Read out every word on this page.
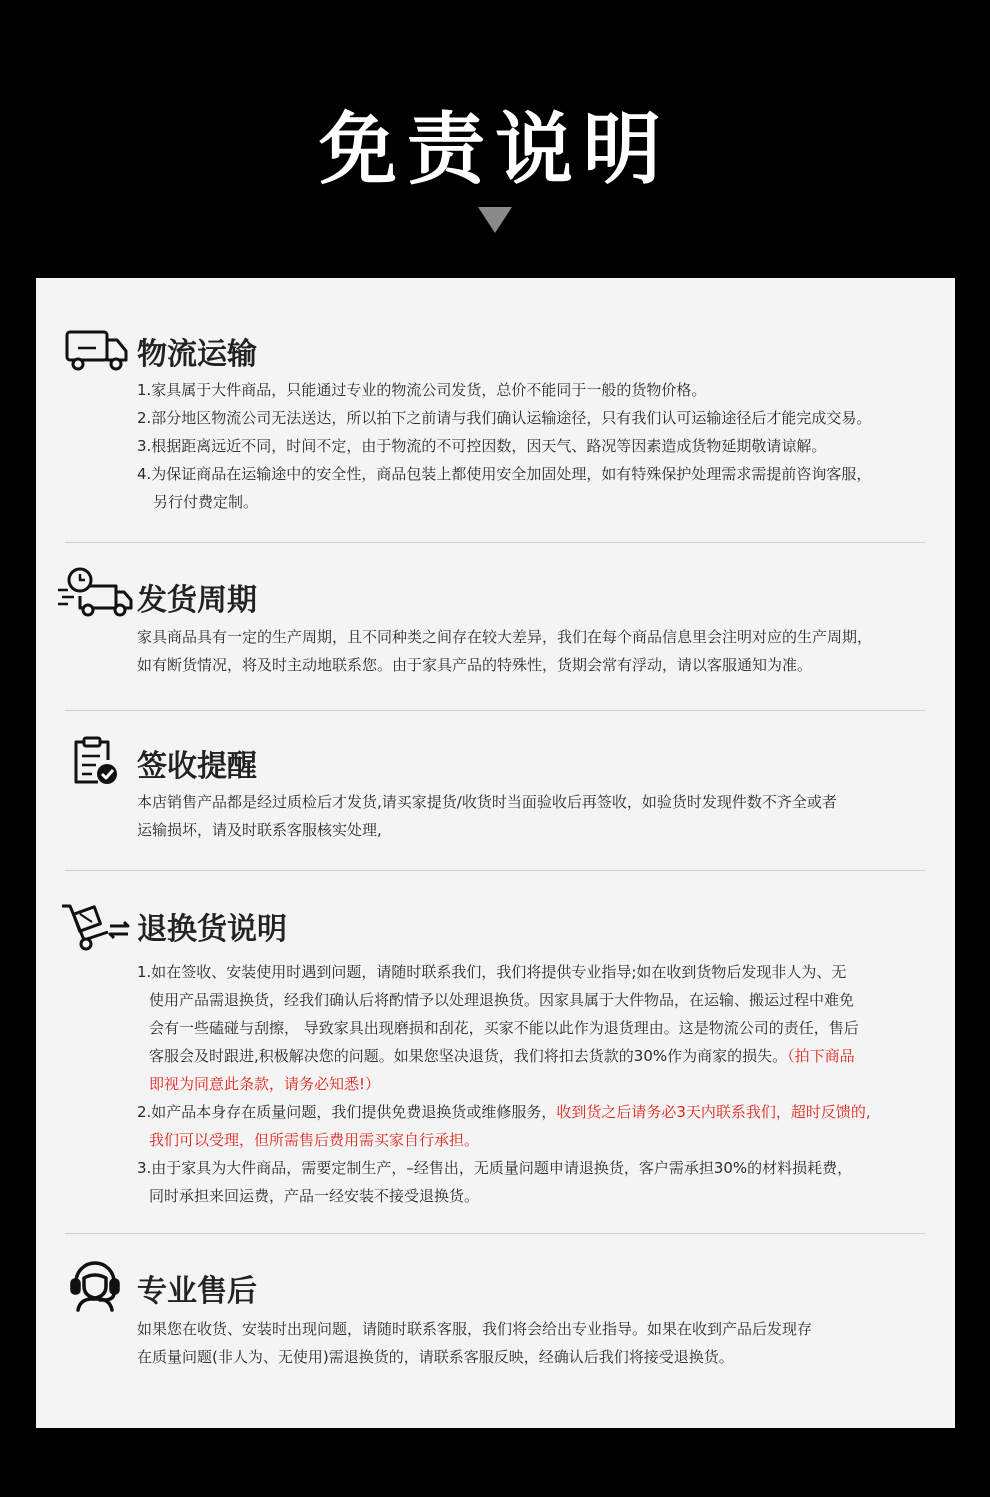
免责说明
物流运输

1.家具属于大件商品，只能通过专业的物流公司发货，总价不能同于一般的货物价格。

2.部分地区物流公司无法送达，所以拍下之前请与我们确认运输途径，只有我们认可运输途径后才能完成交易。

3.根据距离远近不同，时间不定，由于物流的不可控因数，因天气、路况等因素造成货物延期敬请谅解。

4.为保证商品在运输途中的安全性，商品包装上都使用安全加固处理，如有特殊保护处理需求需提前咨询客服，

另行付费定制。

发货周期

家具商品具有一定的生产周期，且不同种类之间存在较大差异，我们在每个商品信息里会注明对应的生产周期，

如有断货情况，将及时主动地联系您。由于家具产品的特殊性，货期会常有浮动，请以客服通知为准。

签收提醒

本店销售产品都是经过质检后才发货,请买家提货/收货时当面验收后再签收，如验货时发现件数不齐全或者

运输损坏，请及时联系客服核实处理,

退换货说明

1.如在签收、安装使用时遇到问题，请随时联系我们，我们将提供专业指导;如在收到货物后发现非人为、无

使用产品需退换货，经我们确认后将酌情予以处理退换货。因家具属于大件物品，在运输、搬运过程中难免

会有一些磕碰与刮擦， 导致家具出现磨损和刮花，买家不能以此作为退货理由。这是物流公司的责任，售后

客服会及时跟进,积极解决您的问题。如果您坚决退货，我们将扣去货款的30%作为商家的损失。（拍下商品

即视为同意此条款，请务必知悉!）

2.如产品本身存在质量问题，我们提供免费退换货或维修服务，收到货之后请务必3天内联系我们，超时反馈的,

我们可以受理，但所需售后费用需买家自行承担。

3.由于家具为大件商品，需要定制生产，–经售出，无质量问题申请退换货，客户需承担30%的材料损耗费，

同时承担来回运费，产品一经安装不接受退换货。

专业售后

如果您在收货、安装时出现问题，请随时联系客服，我们将会给出专业指导。如果在收到产品后发现存

在质量问题(非人为、无使用)需退换货的，请联系客服反映，经确认后我们将接受退换货。
